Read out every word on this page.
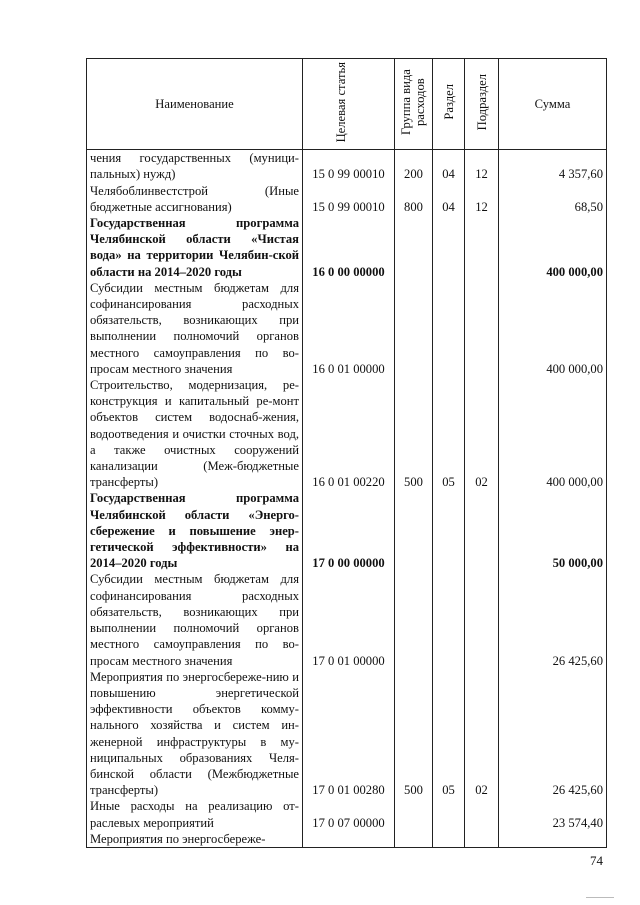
Наименование	Целевая статья	Группа вида расходов	Раздел	Подраздел	Сумма
чения государственных (муници-пальных) нужд)	15 0 99 00010	200	04	12	4 357,60
Челябоблинвестстрой (Иные бюджетные ассигнования)	15 0 99 00010	800	04	12	68,50
Государственная программа Челябинской области «Чистая вода» на территории Челябин-ской области на 2014–2020 годы	16 0 00 00000				400 000,00
Субсидии местным бюджетам для софинансирования расходных обязательств, возникающих при выполнении полномочий органов местного самоуправления по во-просам местного значения	16 0 01 00000				400 000,00
Строительство, модернизация, ре-конструкция и капитальный ре-монт объектов систем водоснаб-жения, водоотведения и очистки сточных вод, а также очистных сооружений канализации (Меж-бюджетные трансферты)	16 0 01 00220	500	05	02	400 000,00
Государственная программа Челябинской области «Энерго-сбережение и повышение энер-гетической эффективности» на 2014–2020 годы	17 0 00 00000				50 000,00
Субсидии местным бюджетам для софинансирования расходных обязательств, возникающих при выполнении полномочий органов местного самоуправления по во-просам местного значения	17 0 01 00000				26 425,60
Мероприятия по энергосбереже-нию и повышению энергетической эффективности объектов комму-нального хозяйства и систем ин-женерной инфраструктуры в му-ниципальных образованиях Челя-бинской области (Межбюджетные трансферты)	17 0 01 00280	500	05	02	26 425,60
Иные расходы на реализацию от-раслевых мероприятий	17 0 07 00000				23 574,40
Мероприятия по энергосбереже-					
74
